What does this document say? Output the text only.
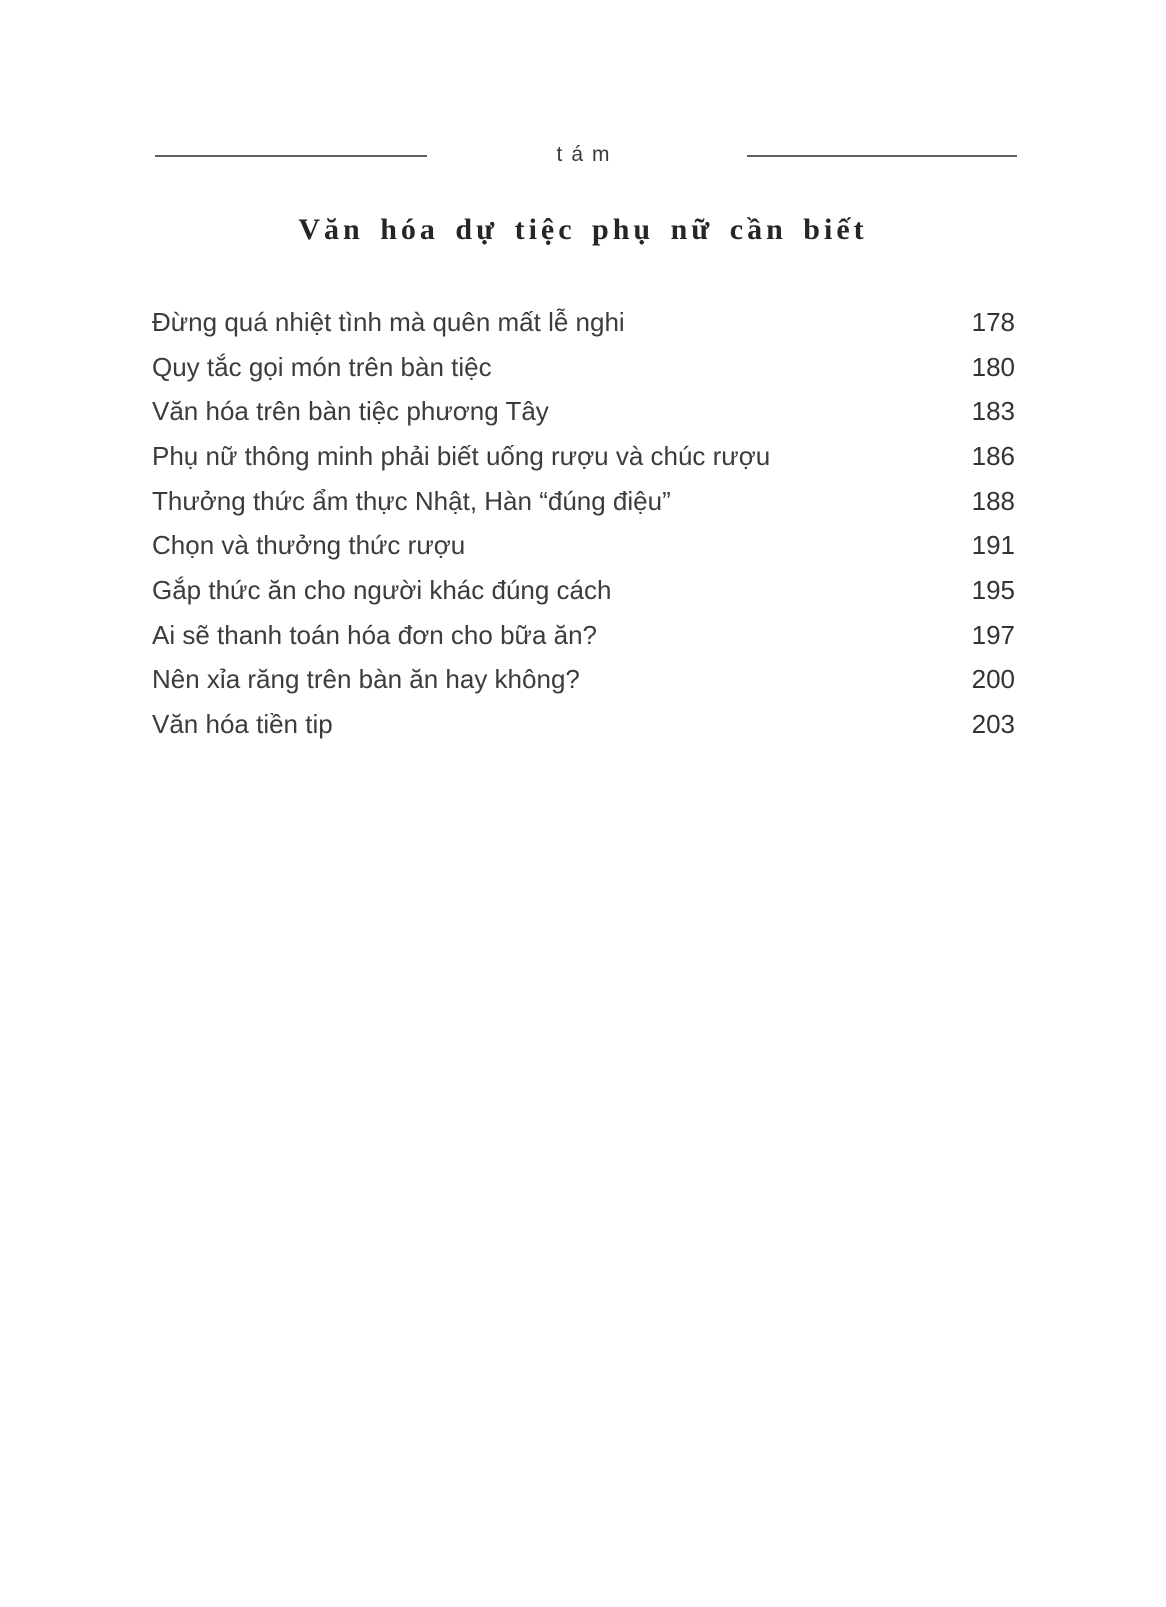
tám
Văn hóa dự tiệc phụ nữ cần biết
Đừng quá nhiệt tình mà quên mất lễ nghi	178
Quy tắc gọi món trên bàn tiệc	180
Văn hóa trên bàn tiệc phương Tây	183
Phụ nữ thông minh phải biết uống rượu và chúc rượu	186
Thưởng thức ẩm thực Nhật, Hàn “đúng điệu”	188
Chọn và thưởng thức rượu	191
Gắp thức ăn cho người khác đúng cách	195
Ai sẽ thanh toán hóa đơn cho bữa ăn?	197
Nên xỉa răng trên bàn ăn hay không?	200
Văn hóa tiền tip	203
